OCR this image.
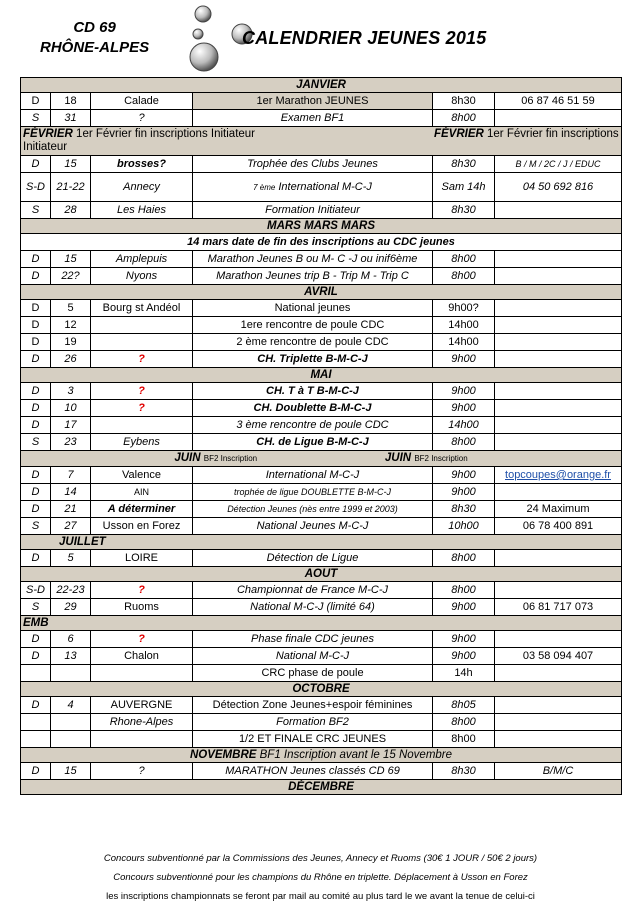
CD 69
RHÔNE-ALPES	CALENDRIER JEUNES 2015
JANVIER					
D	18	Calade	1er Marathon JEUNES	8h30	06 87 46 51 59
S	31	?	Examen BF1	8h00	
FÉVRIER 1er Février fin inscriptions Initiateur FÉVRIER 1er Février fin inscriptions Initiateur					
D	15	brosses?	Trophée des Clubs Jeunes	8h30	B / M / 2C / J / EDUC
S-D	21-22	Annecy	7 ème International M-C-J	Sam 14h	04 50 692 816
S	28	Les Haies	Formation Initiateur	8h30	
MARS MARS MARS					
14 mars date de fin des inscriptions au CDC jeunes					
D	15	Amplepuis	Marathon Jeunes B ou M- C -J ou inif6ème	8h00	
D	22?	Nyons	Marathon Jeunes trip B - Trip M - Trip C	8h00	
AVRIL					
D	5	Bourg st Andéol	National jeunes	9h00?	
D	12		1ere rencontre de poule CDC	14h00	
D	19		2 ème rencontre de poule CDC	14h00	
D	26	?	CH. Triplette B-M-C-J	9h00	
MAI					
D	3	?	CH. T à T B-M-C-J	9h00	
D	10	?	CH. Doublette B-M-C-J	9h00	
D	17		3 ème rencontre de poule CDC	14h00	
S	23	Eybens	CH. de Ligue B-M-C-J	8h00	
JUIN BF2 Inscription JUIN BF2 Inscription					
D	7	Valence	International M-C-J	9h00	topcoupes@orange.fr
D	14	AIN	trophée de ligue DOUBLETTE B-M-C-J	9h00	
D	21	A déterminer	Détection Jeunes (nès entre 1999 et 2003)	8h30	24 Maximum
S	27	Usson en Forez	National Jeunes M-C-J	10h00	06 78 400 891
JUILLET					
D	5	LOIRE	Détection de Ligue	8h00	
AOUT					
S-D	22-23	?	Championnat de France M-C-J	8h00	
S	29	Ruoms	National M-C-J (limité 64)	9h00	06 81 717 073
EMB					
D	6	?	Phase finale CDC jeunes	9h00	
D	13	Chalon	National M-C-J	9h00	03 58 094 407
			CRC phase de poule	14h	
OCTOBRE					
D	4	AUVERGNE	Détection Zone Jeunes+espoir féminines	8h05	
		Rhone-Alpes	Formation BF2	8h00	
			1/2 ET FINALE CRC JEUNES	8h00	
NOVEMBRE BF1 Inscription avant le 15 Novembre					
D	15	?	MARATHON Jeunes classés CD 69	8h30	B/M/C
DÉCEMBRE					
Concours subventionné par la Commissions des Jeunes, Annecy et Ruoms (30€ 1 JOUR / 50€ 2 jours)
Concours subventionné pour les champions du Rhône en triplette. Déplacement à Usson en Forez
les inscriptions championnats se feront par mail au comité au plus tard le we avant la tenue de celui-ci
